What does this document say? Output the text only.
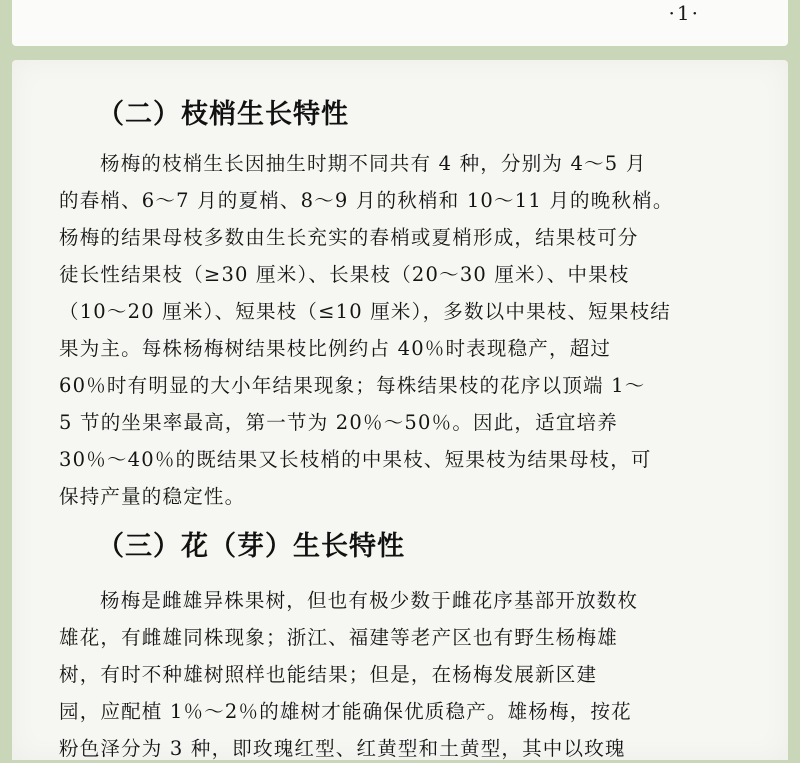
·1·
（二）枝梢生长特性

杨梅的枝梢生长因抽生时期不同共有 4 种，分别为 4～5 月

的春梢、6～7 月的夏梢、8～9 月的秋梢和 10～11 月的晚秋梢。

杨梅的结果母枝多数由生长充实的春梢或夏梢形成，结果枝可分

徒长性结果枝（≥30 厘米）、长果枝（20～30 厘米）、中果枝

（10～20 厘米）、短果枝（≤10 厘米），多数以中果枝、短果枝结

果为主。每株杨梅树结果枝比例约占 40％时表现稳产，超过

60％时有明显的大小年结果现象；每株结果枝的花序以顶端 1～

5 节的坐果率最高，第一节为 20％～50％。因此，适宜培养

30％～40％的既结果又长枝梢的中果枝、短果枝为结果母枝，可

保持产量的稳定性。

（三）花（芽）生长特性

杨梅是雌雄异株果树，但也有极少数于雌花序基部开放数枚

雄花，有雌雄同株现象；浙江、福建等老产区也有野生杨梅雄

树，有时不种雄树照样也能结果；但是，在杨梅发展新区建

园，应配植 1％～2％的雄树才能确保优质稳产。雄杨梅，按花

粉色泽分为 3 种，即玫瑰红型、红黄型和土黄型，其中以玫瑰
